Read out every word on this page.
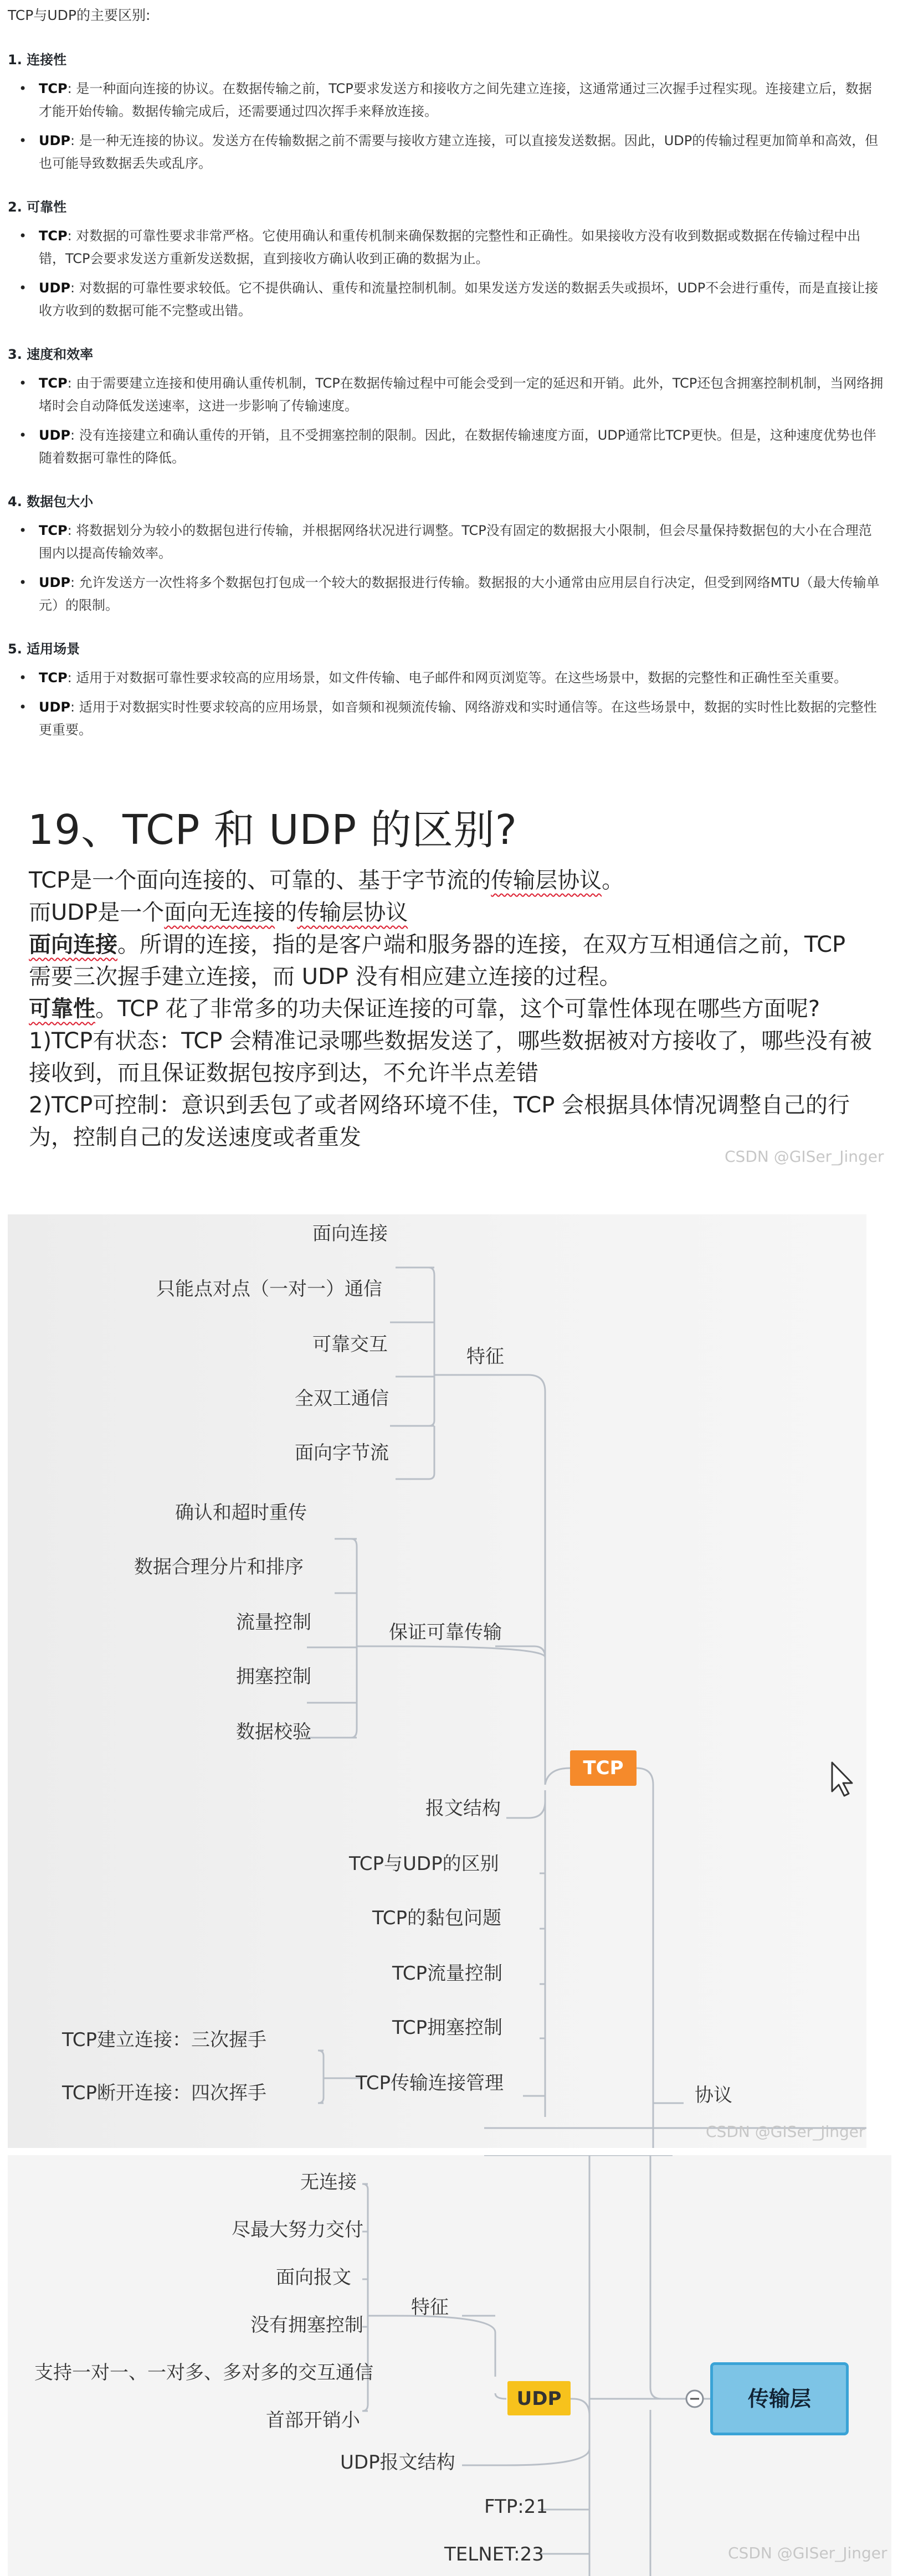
TCP与UDP的主要区别:

1. 连接性
• TCP: 是一种面向连接的协议。在数据传输之前，TCP要求发送方和接收方之间先建立连接，这通常通过三次握手过程实现。连接建立后，数据才能开始传输。数据传输完成后，还需要通过四次挥手来释放连接。
• UDP: 是一种无连接的协议。发送方在传输数据之前不需要与接收方建立连接，可以直接发送数据。因此，UDP的传输过程更加简单和高效，但也可能导致数据丢失或乱序。
2. 可靠性
• TCP: 对数据的可靠性要求非常严格。它使用确认和重传机制来确保数据的完整性和正确性。如果接收方没有收到数据或数据在传输过程中出错，TCP会要求发送方重新发送数据，直到接收方确认收到正确的数据为止。
• UDP: 对数据的可靠性要求较低。它不提供确认、重传和流量控制机制。如果发送方发送的数据丢失或损坏，UDP不会进行重传，而是直接让接收方收到的数据可能不完整或出错。
3. 速度和效率
• TCP: 由于需要建立连接和使用确认重传机制，TCP在数据传输过程中可能会受到一定的延迟和开销。此外，TCP还包含拥塞控制机制，当网络拥堵时会自动降低发送速率，这进一步影响了传输速度。
• UDP: 没有连接建立和确认重传的开销，且不受拥塞控制的限制。因此，在数据传输速度方面，UDP通常比TCP更快。但是，这种速度优势也伴随着数据可靠性的降低。
4. 数据包大小
• TCP: 将数据划分为较小的数据包进行传输，并根据网络状况进行调整。TCP没有固定的数据报大小限制，但会尽量保持数据包的大小在合理范围内以提高传输效率。
• UDP: 允许发送方一次性将多个数据包打包成一个较大的数据报进行传输。数据报的大小通常由应用层自行决定，但受到网络MTU（最大传输单元）的限制。
5. 适用场景
• TCP: 适用于对数据可靠性要求较高的应用场景，如文件传输、电子邮件和网页浏览等。在这些场景中，数据的完整性和正确性至关重要。
• UDP: 适用于对数据实时性要求较高的应用场景，如音频和视频流传输、网络游戏和实时通信等。在这些场景中，数据的实时性比数据的完整性更重要。
19、TCP 和 UDP 的区别?

TCP是一个面向连接的、可靠的、基于字节流的传输层协议。

而UDP是一个面向无连接的传输层协议

面向连接。所谓的连接，指的是客户端和服务器的连接，在双方互相通信之前，TCP

需要三次握手建立连接，而 UDP 没有相应建立连接的过程。

可靠性。TCP 花了非常多的功夫保证连接的可靠，这个可靠性体现在哪些方面呢?

1)TCP有状态：TCP 会精准记录哪些数据发送了，哪些数据被对方接收了，哪些没有被

接收到，而且保证数据包按序到达，不允许半点差错

2)TCP可控制：意识到丢包了或者网络环境不佳，TCP 会根据具体情况调整自己的行

为，控制自己的发送速度或者重发

CSDN @GISer_Jinger
面向连接
只能点对点（一对一）通信
可靠交互
全双工通信
面向字节流
特征
确认和超时重传
数据合理分片和排序
流量控制
拥塞控制
数据校验
保证可靠传输
TCP
报文结构
TCP与UDP的区别
TCP的黏包问题
TCP流量控制
TCP拥塞控制
TCP传输连接管理
TCP建立连接：三次握手
TCP断开连接：四次挥手	协议
CSDN @GISer_Jinger
无连接
尽最大努力交付
面向报文
没有拥塞控制
支持一对一、一对多、多对多的交互通信
首部开销小
特征
UDP
UDP报文结构
传输层
FTP:21
TELNET:23	CSDN @GISer_Jinger
